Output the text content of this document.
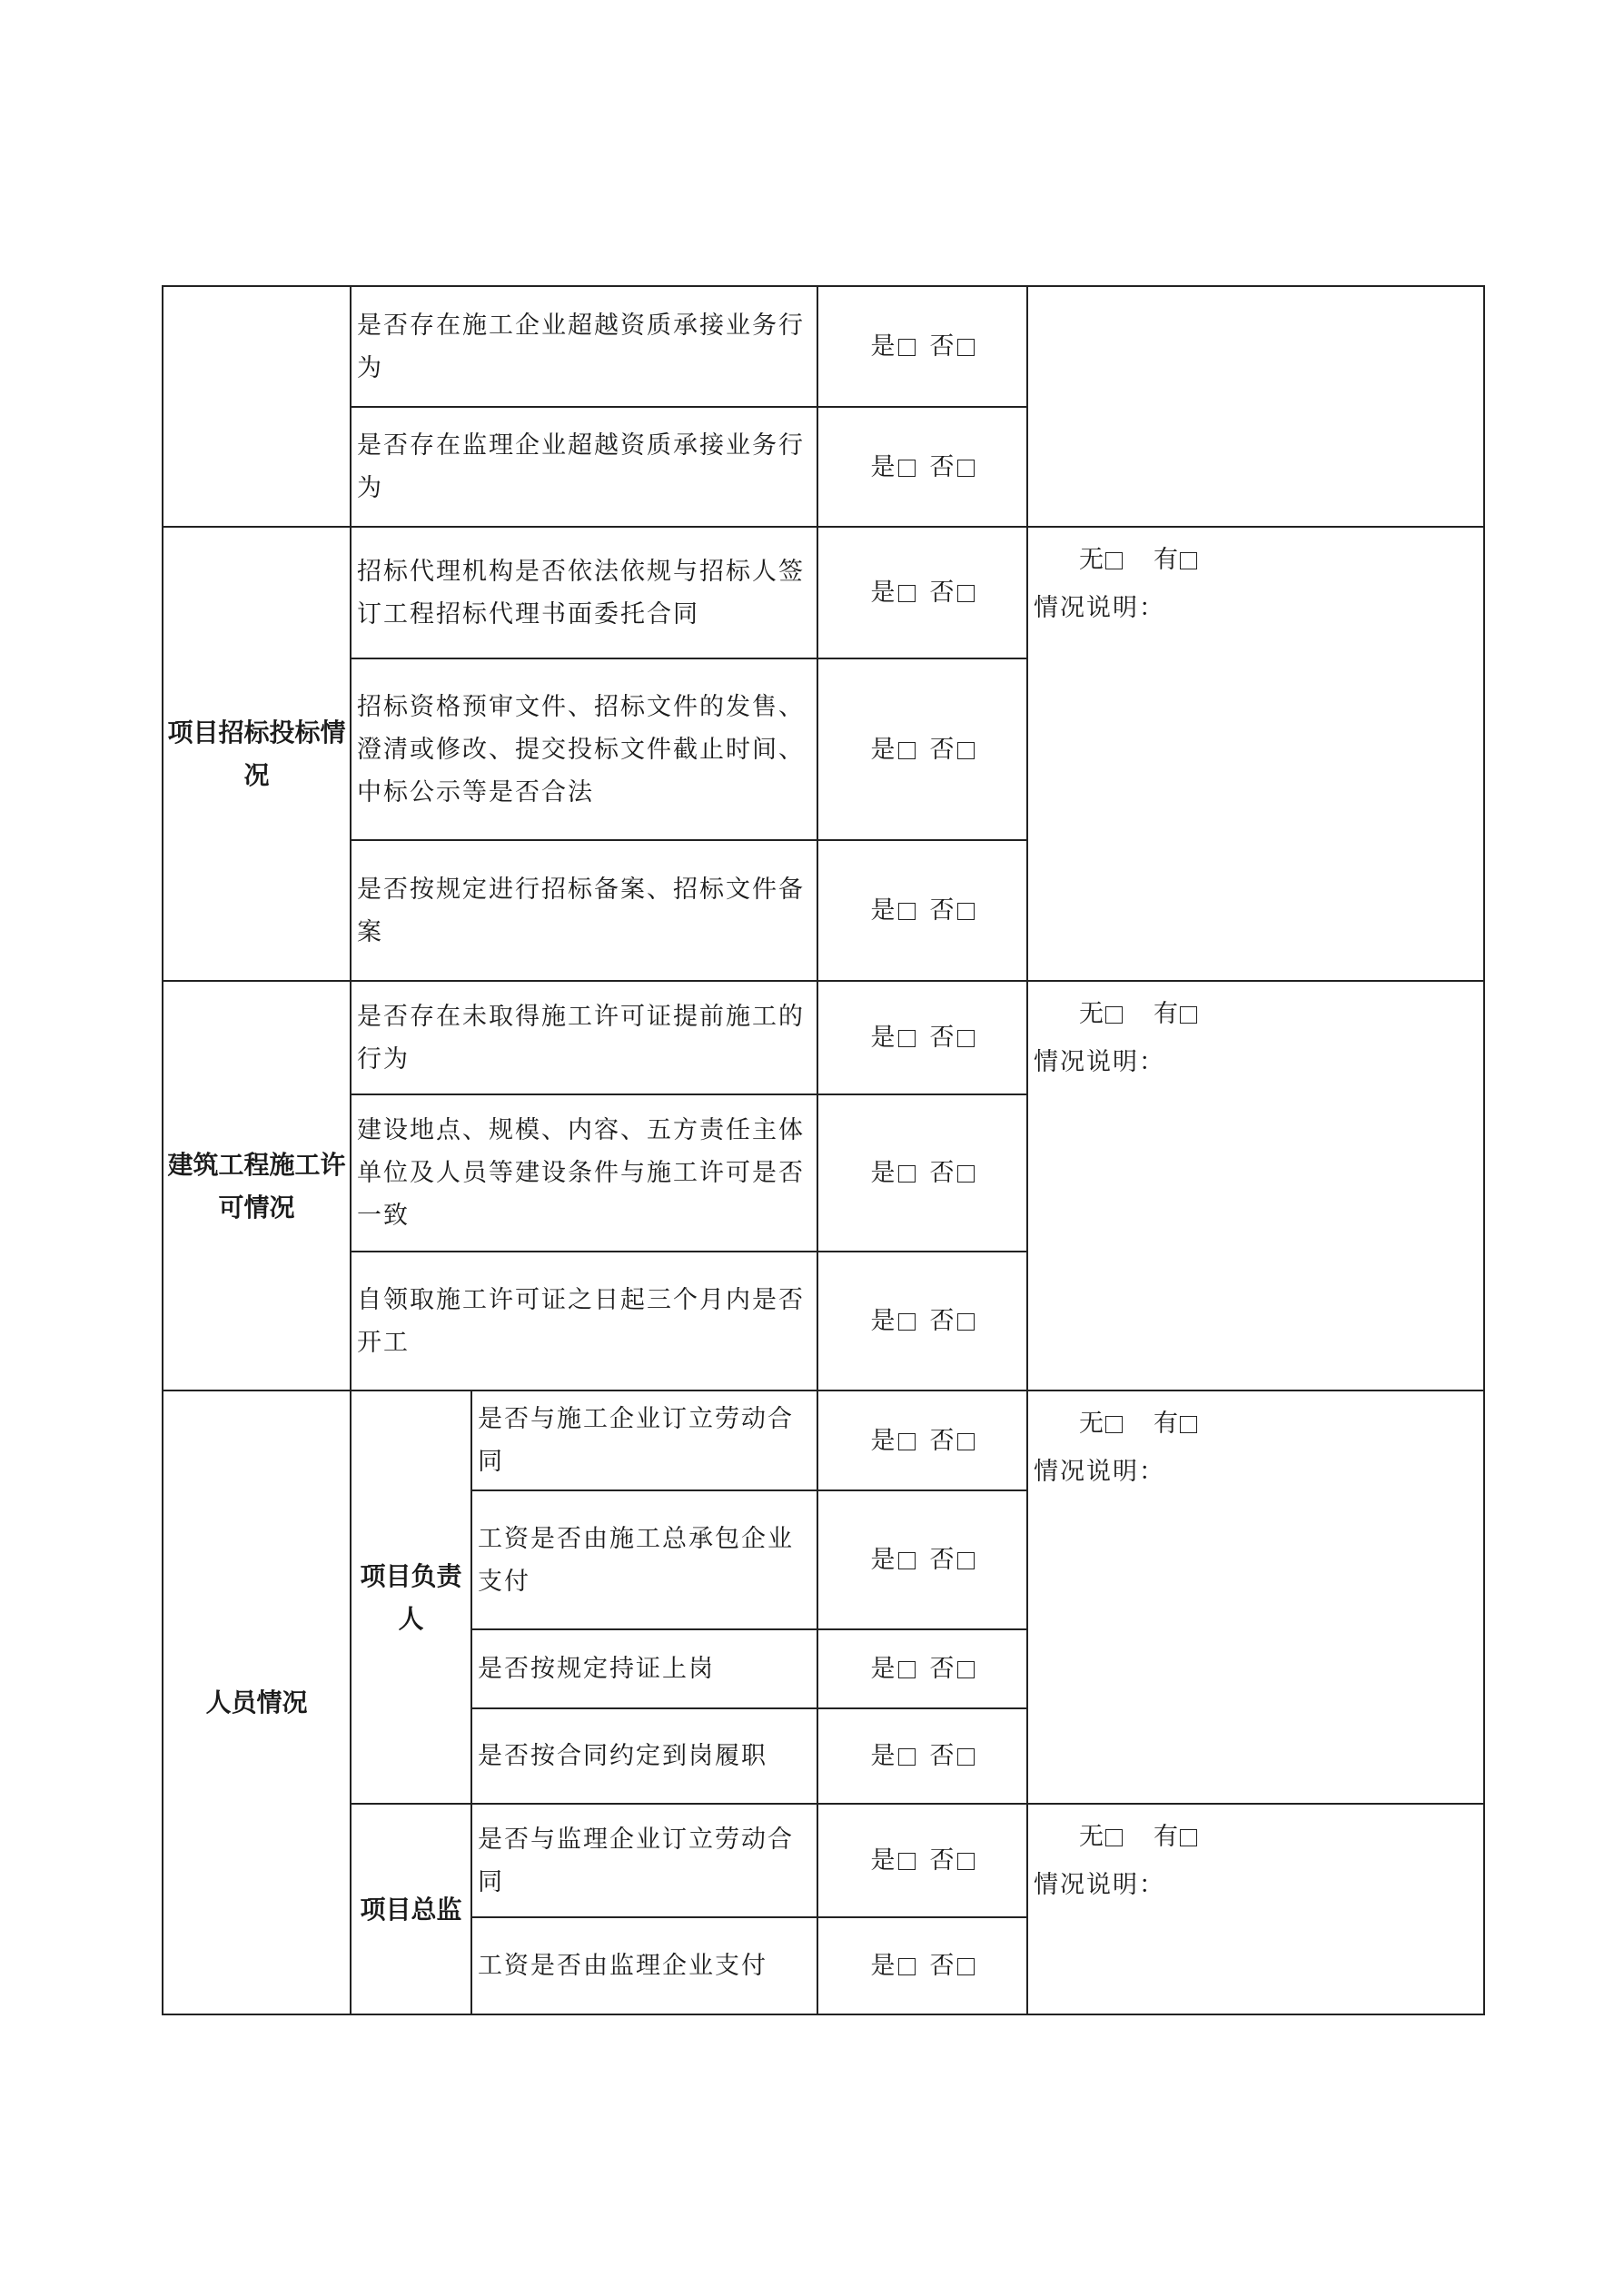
	是否存在施工企业超越资质承接业务行为		是 否	
	是否存在监理企业超越资质承接业务行为		是 否	
项目招标投标情况	招标代理机构是否依法依规与招标人签订工程招标代理书面委托合同		是 否	无 有
情况说明：

	招标资格预审文件、招标文件的发售、澄清或修改、提交投标文件截止时间、中标公示等是否合法		是 否	
	是否按规定进行招标备案、招标文件备案		是 否	
建筑工程施工许可情况	是否存在未取得施工许可证提前施工的行为		是 否	无 有
情况说明：

	建设地点、规模、内容、五方责任主体单位及人员等建设条件与施工许可是否一致		是 否	
	自领取施工许可证之日起三个月内是否开工		是 否	
人员情况	项目负责人	是否与施工企业订立劳动合同	是 否	无 有
情况说明：

		工资是否由施工总承包企业支付	是 否	
		是否按规定持证上岗	是 否	
		是否按合同约定到岗履职	是 否	
	项目总监	是否与监理企业订立劳动合同	是 否	无 有
情况说明：

		工资是否由监理企业支付	是 否	
